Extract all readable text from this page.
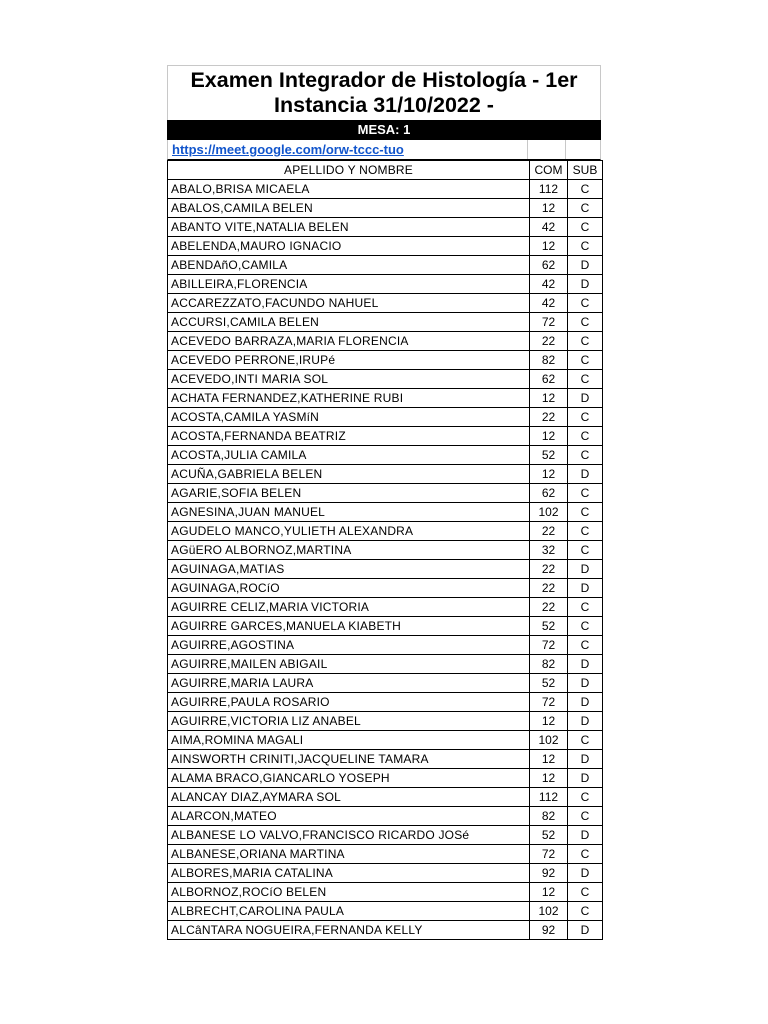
Examen Integrador de Histología - 1er
Instancia 31/10/2022 -
MESA: 1
https://meet.google.com/orw-tccc-tuo
APELLIDO Y NOMBRE	COM	SUB
ABALO,BRISA MICAELA	112	C
ABALOS,CAMILA BELEN	12	C
ABANTO VITE,NATALIA BELEN	42	C
ABELENDA,MAURO IGNACIO	12	C
ABENDAñO,CAMILA	62	D
ABILLEIRA,FLORENCIA	42	D
ACCAREZZATO,FACUNDO NAHUEL	42	C
ACCURSI,CAMILA BELEN	72	C
ACEVEDO BARRAZA,MARIA FLORENCIA	22	C
ACEVEDO PERRONE,IRUPé	82	C
ACEVEDO,INTI MARIA SOL	62	C
ACHATA FERNANDEZ,KATHERINE RUBI	12	D
ACOSTA,CAMILA YASMíN	22	C
ACOSTA,FERNANDA BEATRIZ	12	C
ACOSTA,JULIA CAMILA	52	C
ACUÑA,GABRIELA BELEN	12	D
AGARIE,SOFIA BELEN	62	C
AGNESINA,JUAN MANUEL	102	C
AGUDELO MANCO,YULIETH ALEXANDRA	22	C
AGüERO ALBORNOZ,MARTINA	32	C
AGUINAGA,MATIAS	22	D
AGUINAGA,ROCíO	22	D
AGUIRRE CELIZ,MARIA VICTORIA	22	C
AGUIRRE GARCES,MANUELA KIABETH	52	C
AGUIRRE,AGOSTINA	72	C
AGUIRRE,MAILEN ABIGAIL	82	D
AGUIRRE,MARIA LAURA	52	D
AGUIRRE,PAULA ROSARIO	72	D
AGUIRRE,VICTORIA LIZ ANABEL	12	D
AIMA,ROMINA MAGALI	102	C
AINSWORTH CRINITI,JACQUELINE TAMARA	12	D
ALAMA BRACO,GIANCARLO YOSEPH	12	D
ALANCAY DIAZ,AYMARA SOL	112	C
ALARCON,MATEO	82	C
ALBANESE LO VALVO,FRANCISCO RICARDO JOSé	52	D
ALBANESE,ORIANA MARTINA	72	C
ALBORES,MARIA CATALINA	92	D
ALBORNOZ,ROCíO BELEN	12	C
ALBRECHT,CAROLINA PAULA	102	C
ALCâNTARA NOGUEIRA,FERNANDA KELLY	92	D
